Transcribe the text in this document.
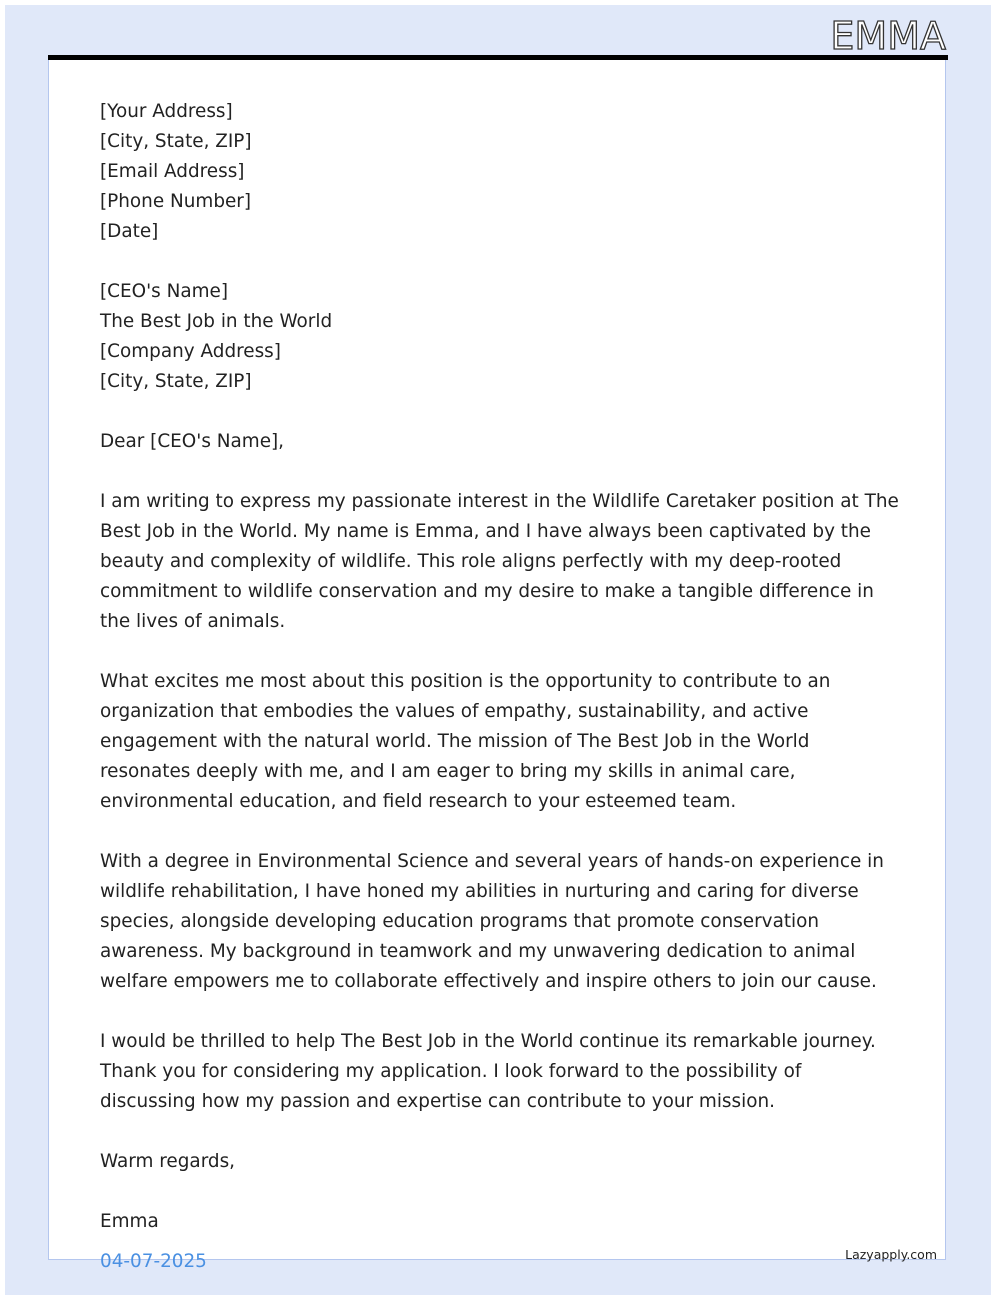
EMMA
[Your Address]
[City, State, ZIP]
[Email Address]
[Phone Number]
[Date]
[CEO's Name]
The Best Job in the World
[Company Address]
[City, State, ZIP]

Dear [CEO's Name],

I am writing to express my passionate interest in the Wildlife Caretaker position at The Best Job in the World. My name is Emma, and I have always been captivated by the beauty and complexity of wildlife. This role aligns perfectly with my deep-rooted commitment to wildlife conservation and my desire to make a tangible difference in the lives of animals.

What excites me most about this position is the opportunity to contribute to an organization that embodies the values of empathy, sustainability, and active engagement with the natural world. The mission of The Best Job in the World resonates deeply with me, and I am eager to bring my skills in animal care, environmental education, and field research to your esteemed team.

With a degree in Environmental Science and several years of hands-on experience in wildlife rehabilitation, I have honed my abilities in nurturing and caring for diverse species, alongside developing education programs that promote conservation awareness. My background in teamwork and my unwavering dedication to animal welfare empowers me to collaborate effectively and inspire others to join our cause.

I would be thrilled to help The Best Job in the World continue its remarkable journey. Thank you for considering my application. I look forward to the possibility of discussing how my passion and expertise can contribute to your mission.

Warm regards,

Emma
04-07-2025	Lazyapply.com
